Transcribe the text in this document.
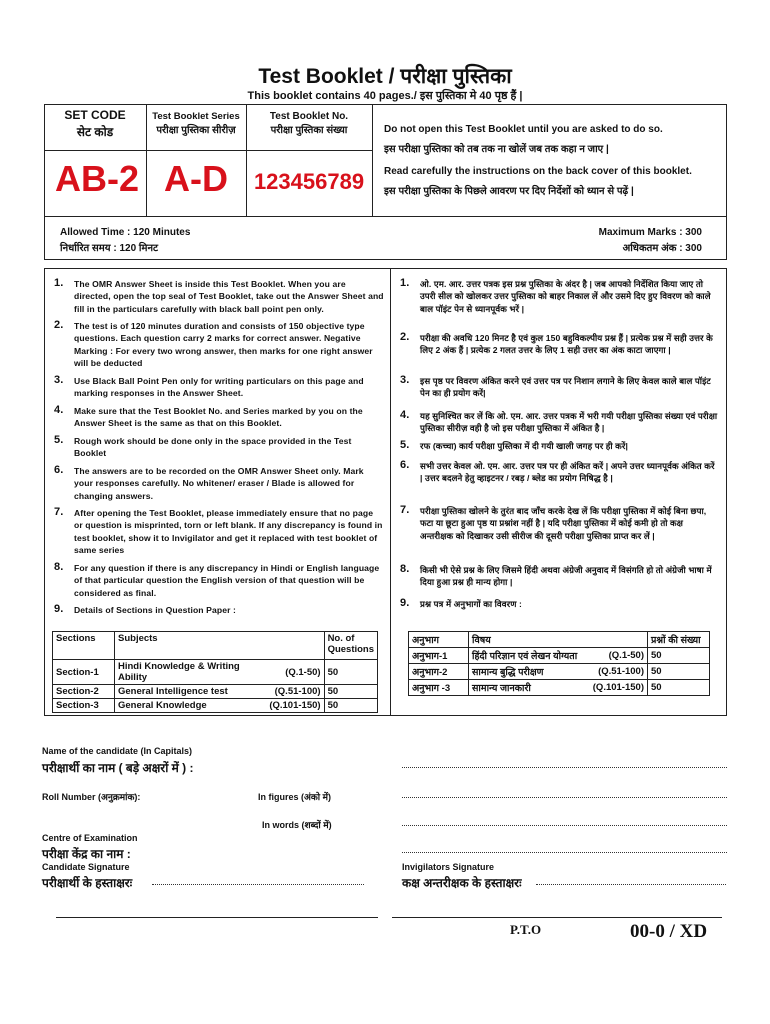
Test Booklet / परीक्षा पुस्तिका
This booklet contains 40 pages./ इस पुस्तिका मे 40 पृष्ठ हैं |
SET CODE
सेट कोड
Test Booklet Series
परीक्षा पुस्तिका सीरीज़
Test Booklet No.
परीक्षा पुस्तिका संख्या
AB-2 A-D	123456789
Do not open this Test Booklet until you are asked to do so.
इस परीक्षा पुस्तिका को तब तक ना खोलें जब तक कहा न जाए |
Read carefully the instructions on the back cover of this booklet.
इस परीक्षा पुस्तिका के पिछले आवरण पर दिए निर्देशों को ध्यान से पढ़ें |
Allowed Time : 120 Minutes
निर्धारित समय : 120 मिनट
Maximum Marks : 300
अधिकतम अंक : 300
1.	The OMR Answer Sheet is inside this Test Booklet. When you are directed, open the top seal of Test Booklet, take out the Answer Sheet and fill in the particulars carefully with black ball point pen only.
2.	The test is of 120 minutes duration and consists of 150 objective type questions. Each question carry 2 marks for correct answer. Negative Marking : For every two wrong answer, then marks for one right answer will be deducted
3.	Use Black Ball Point Pen only for writing particulars on this page and marking responses in the Answer Sheet.
4.	Make sure that the Test Booklet No. and Series marked by you on the Answer Sheet is the same as that on this Booklet.
5.	Rough work should be done only in the space provided in the Test Booklet
6.	The answers are to be recorded on the OMR Answer Sheet only. Mark your responses carefully. No whitener/ eraser / Blade is allowed for changing answers.
7.	After opening the Test Booklet, please immediately ensure that no page or question is misprinted, torn or left blank. If any discrepancy is found in test booklet, show it to Invigilator and get it replaced with test booklet of same series
8.	For any question if there is any discrepancy in Hindi or English language of that particular question the English version of that question will be considered as final.
9.	Details of Sections in Question Paper :
1.	ओ. एम. आर. उत्तर पत्रक इस प्रश्न पुस्तिका के अंदर है | जब आपको निर्देशित किया जाए तो उपरी सील को खोलकर उत्तर पुस्तिका को बाहर निकाल लें और उसमे दिए हुए विवरण को काले बाल पॉइंट पेन से ध्यानपूर्वक भरें |
2.	परीक्षा की अवधि 120 मिनट है एवं कुल 150 बहुविकल्पीय प्रश्न हैं | प्रत्येक प्रश्न में सही उत्तर के लिए 2 अंक हैं | प्रत्येक 2 गलत उत्तर के लिए 1 सही उत्तर का अंक काटा जाएगा |
3.	इस पृष्ठ पर विवरण अंकित करने एवं उत्तर पत्र पर निशान लगाने के लिए केवल काले बाल पॉइंट पेन का ही प्रयोग करें|
4.	यह सुनिश्चित कर लें कि ओ. एम. आर. उत्तर पत्रक में भरी गयी परीक्षा पुस्तिका संख्या एवं परीक्षा पुस्तिका सीरीज़ वही है जो इस परीक्षा पुस्तिका में अंकित है |
5.	रफ (कच्चा) कार्य परीक्षा पुस्तिका में दी गयी खाली जगह पर ही करें|
6.	सभी उत्तर केवल ओ. एम. आर. उत्तर पत्र पर ही अंकित करें | अपने उत्तर ध्यानपूर्वक अंकित करें | उत्तर बदलने हेतु व्हाइटनर / रबड़ / ब्लेड का प्रयोग निषिद्ध है |
7.	परीक्षा पुस्तिका खोलने के तुरंत बाद जाँच करके देख लें कि परीक्षा पुस्तिका में कोई बिना छपा, फटा या छूटा हुआ पृष्ठ या प्रश्नांश नहीं है | यदि परीक्षा पुस्तिका में कोई कमी हो तो कक्ष अन्तरीक्षक को दिखाकर उसी सीरीज की दूसरी परीक्षा पुस्तिका प्राप्त कर लें |
8.	किसी भी ऐसे प्रश्न के लिए जिसमे हिंदी अथवा अंग्रेजी अनुवाद में विसंगति हो तो अंग्रेजी भाषा में दिया हुआ प्रश्न ही मान्य होगा |
9.	प्रश्न पत्र में अनुभागों का विवरण :
Sections	Subjects		No. of Questions
Section-1	Hindi Knowledge & Writing Ability	(Q.1-50)	50
Section-2	General Intelligence test	(Q.51-100)	50
Section-3	General Knowledge	(Q.101-150)	50
अनुभाग	विषय		प्रश्नों की संख्या
अनुभाग-1	हिंदी परिज्ञान एवं लेखन योग्यता	(Q.1-50)	50
अनुभाग-2	सामान्य बुद्धि परीक्षण	(Q.51-100)	50
अनुभाग -3	सामान्य जानकारी	(Q.101-150)	50
Name of the candidate (In Capitals)
परीक्षार्थी का नाम ( बड़े अक्षरों में ) :
Roll Number (अनुक्रमांक):	In figures (अंको में)
In words (शब्दों में)
Centre of Examination
परीक्षा केंद्र का नाम :
Candidate Signature
परीक्षार्थी के हस्ताक्षरः
Invigilators Signature
कक्ष अन्तरीक्षक के हस्ताक्षरः
P.T.O	00-0 / XD
